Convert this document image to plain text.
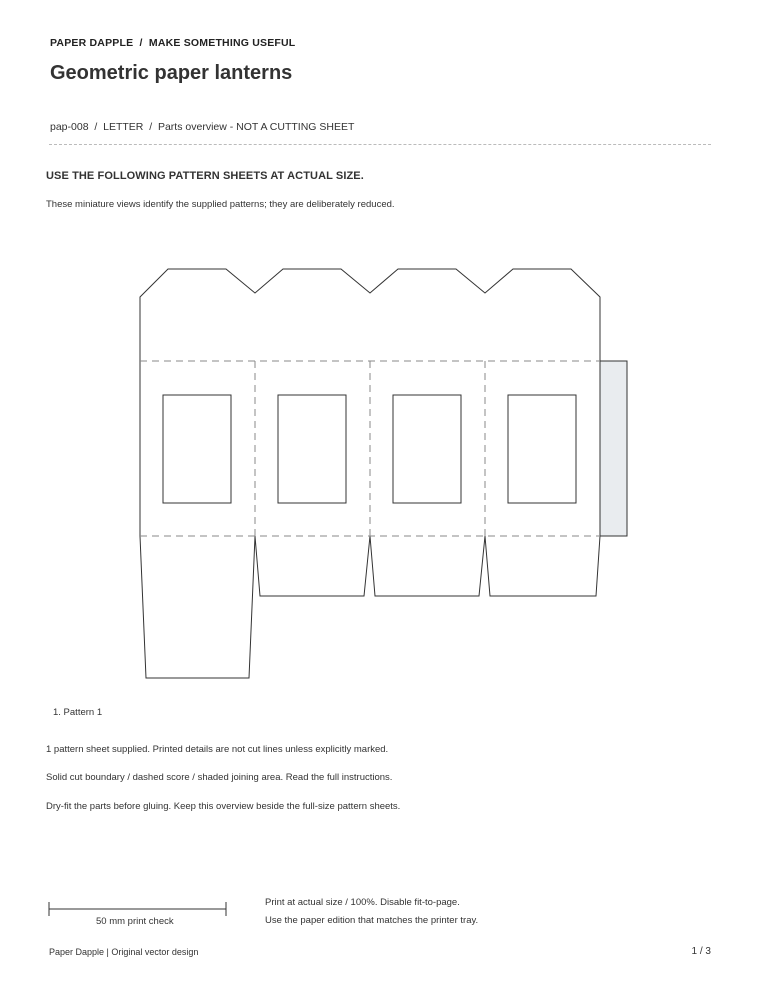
PAPER DAPPLE  /  MAKE SOMETHING USEFUL
Geometric paper lanterns
pap-008  /  LETTER  /  Parts overview - NOT A CUTTING SHEET
USE THE FOLLOWING PATTERN SHEETS AT ACTUAL SIZE.
These miniature views identify the supplied patterns; they are deliberately reduced.
1. Pattern 1
1 pattern sheet supplied. Printed details are not cut lines unless explicitly marked.
Solid cut boundary / dashed score / shaded joining area. Read the full instructions.
Dry-fit the parts before gluing. Keep this overview beside the full-size pattern sheets.
50 mm print check
Print at actual size / 100%. Disable fit-to-page.
Use the paper edition that matches the printer tray.
Paper Dapple | Original vector design	1 / 3
